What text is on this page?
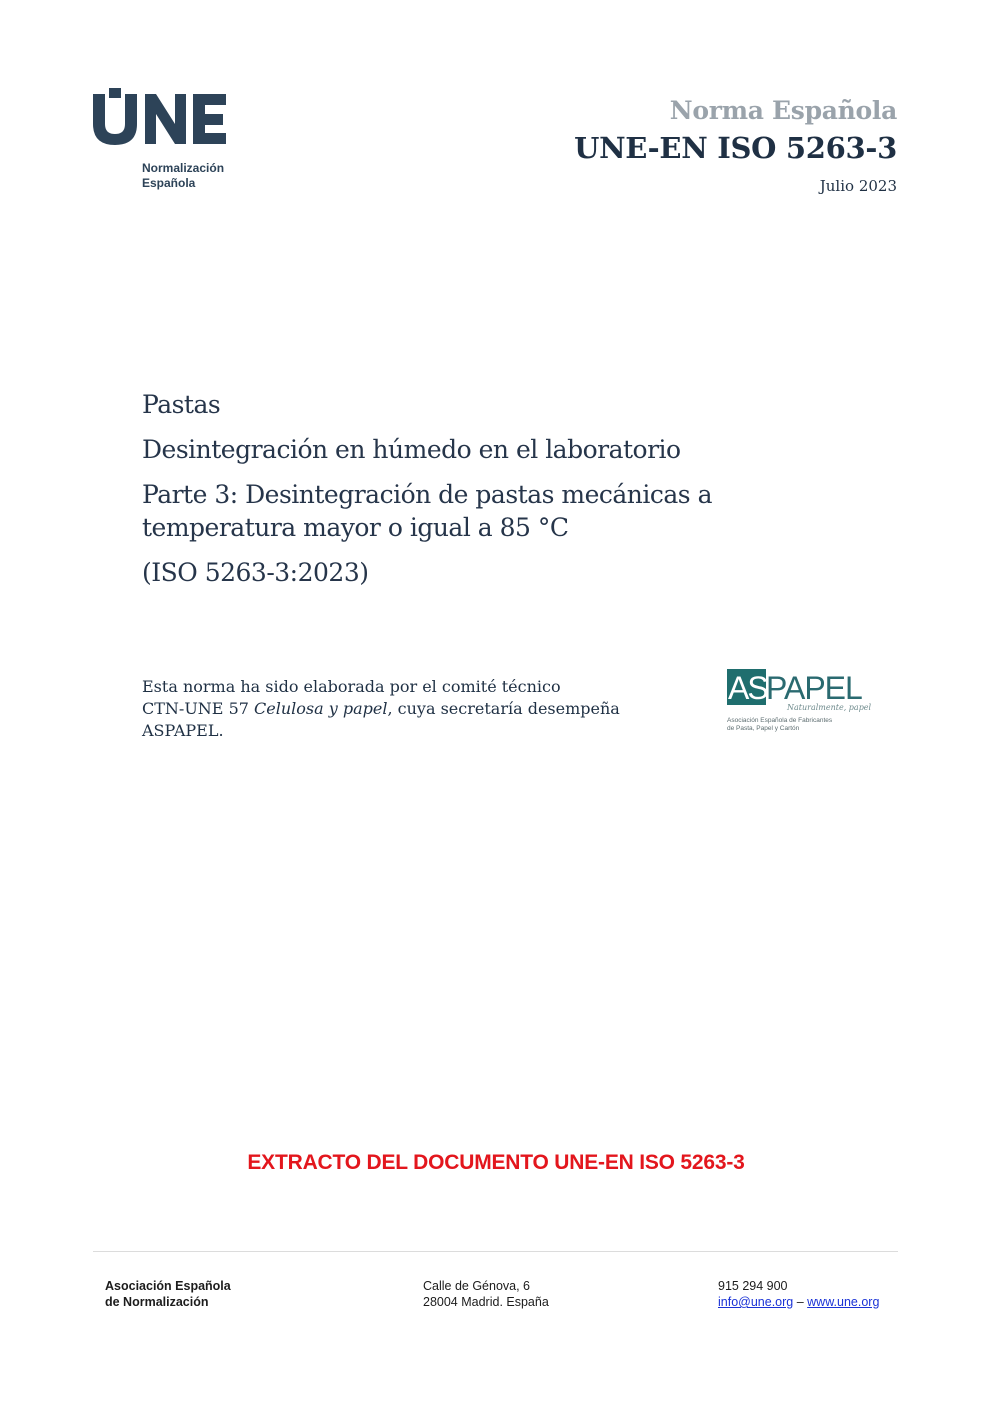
Normalización
Española
Norma Española
UNE-EN ISO 5263-3
Julio 2023

Pastas

Desintegración en húmedo en el laboratorio

Parte 3: Desintegración de pastas mecánicas a
temperatura mayor o igual a 85 °C

(ISO 5263-3:2023)

Esta norma ha sido elaborada por el comité técnico
CTN-UNE 57 Celulosa y papel, cuya secretaría desempeña
ASPAPEL.
AS PAPEL
Naturalmente, papel
Asociación Española de Fabricantes
de Pasta, Papel y Cartón
EXTRACTO DEL DOCUMENTO UNE-EN ISO 5263-3
Asociación Española
de Normalización
Calle de Génova, 6
28004 Madrid. España
915 294 900
info@une.org – www.une.org
